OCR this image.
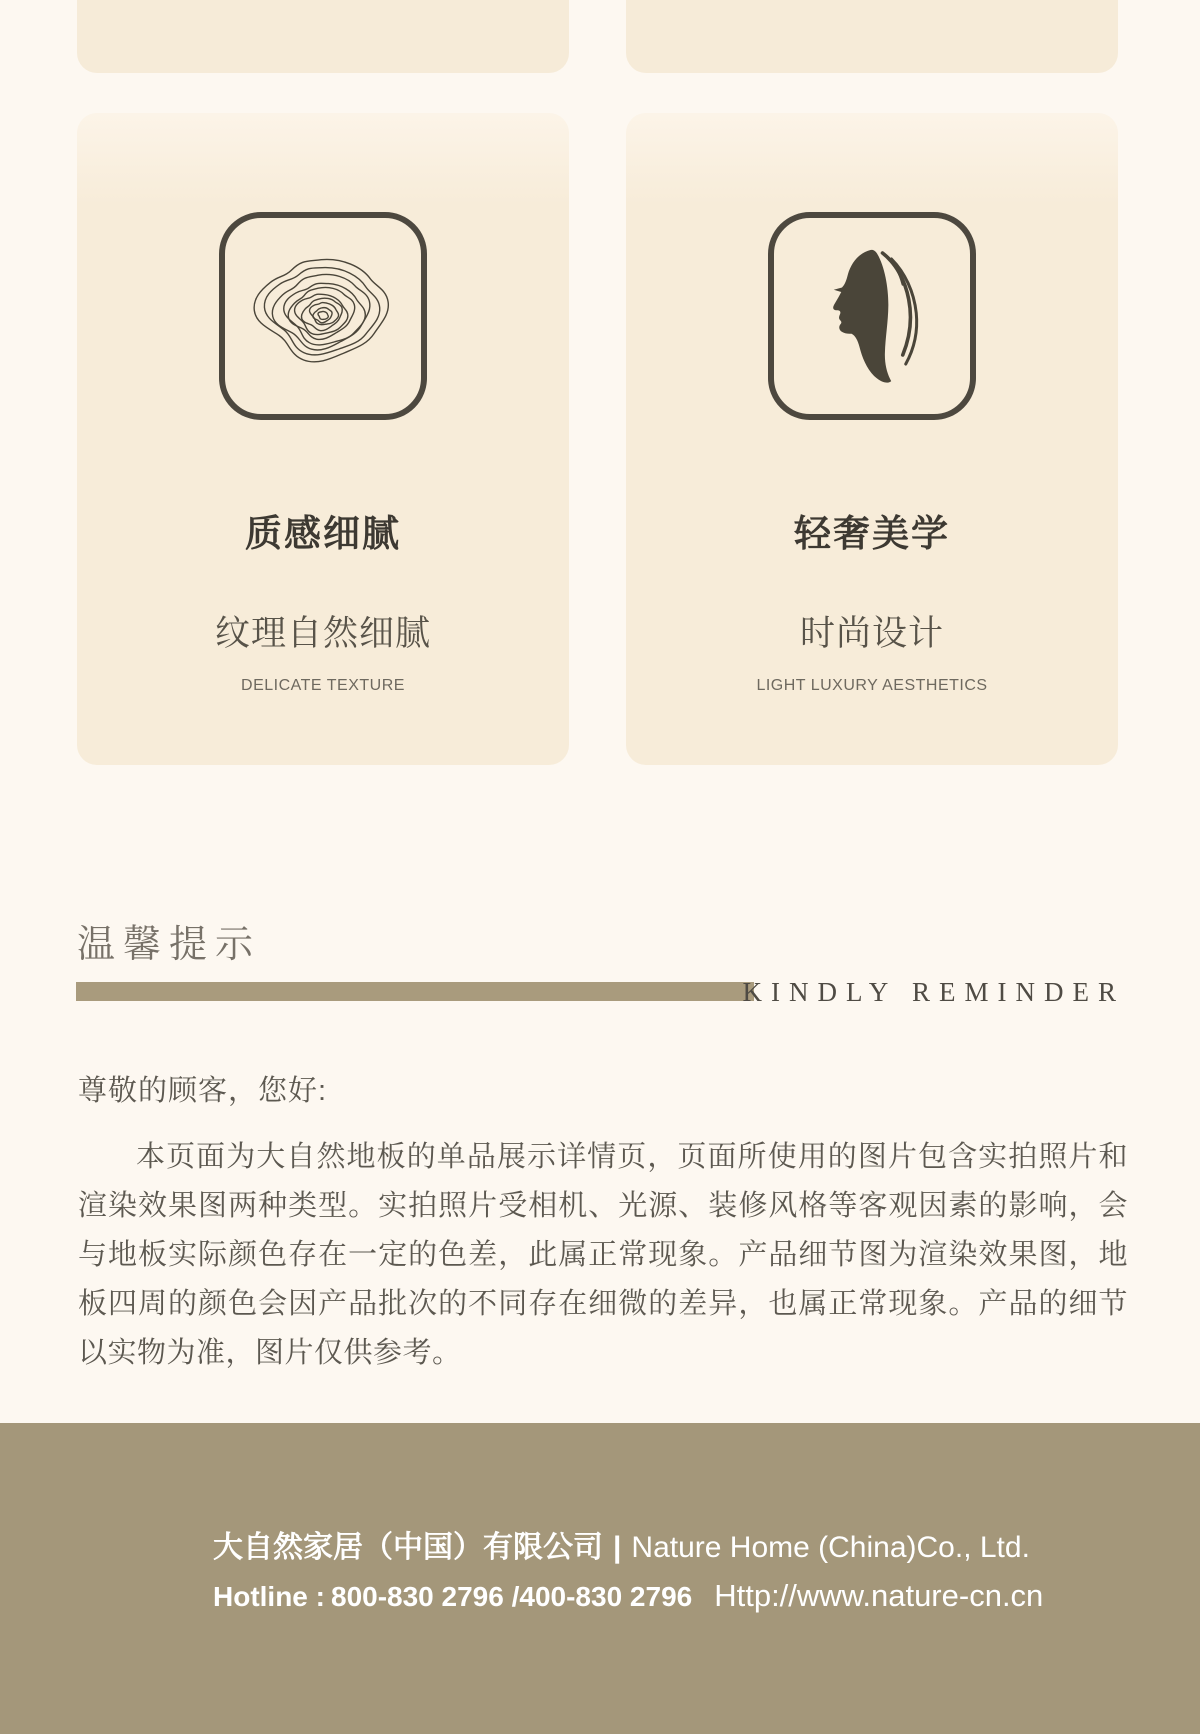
质感细腻
纹理自然细腻
DELICATE TEXTURE
轻奢美学
时尚设计
LIGHT LUXURY AESTHETICS
温馨提示
KINDLY REMINDER
尊敬的顾客，您好:
本页面为大自然地板的单品展示详情页，页面所使用的图片包含实拍照片和渲染效果图两种类型。实拍照片受相机、光源、装修风格等客观因素的影响，会与地板实际颜色存在一定的色差，此属正常现象。产品细节图为渲染效果图，地板四周的颜色会因产品批次的不同存在细微的差异，也属正常现象。产品的细节以实物为准，图片仅供参考。
大自然家居（中国）有限公司 | Nature Home (China)Co., Ltd.
Hotline : 800-830 2796 /400-830 2796 Http://www.nature-cn.cn
